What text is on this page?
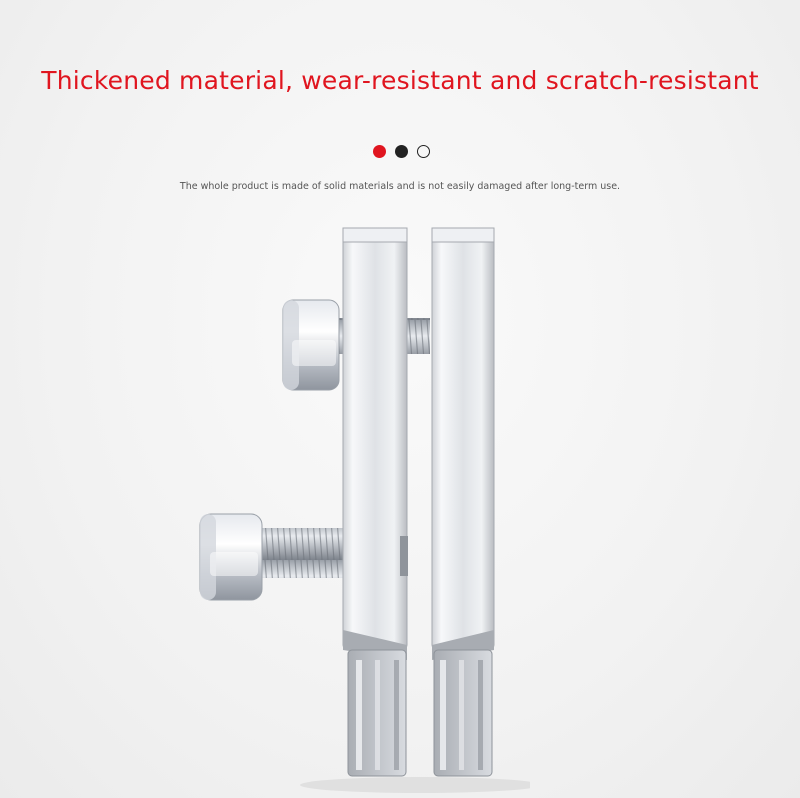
Thickened material, wear-resistant and scratch-resistant
The whole product is made of solid materials and is not easily damaged after long-term use.
